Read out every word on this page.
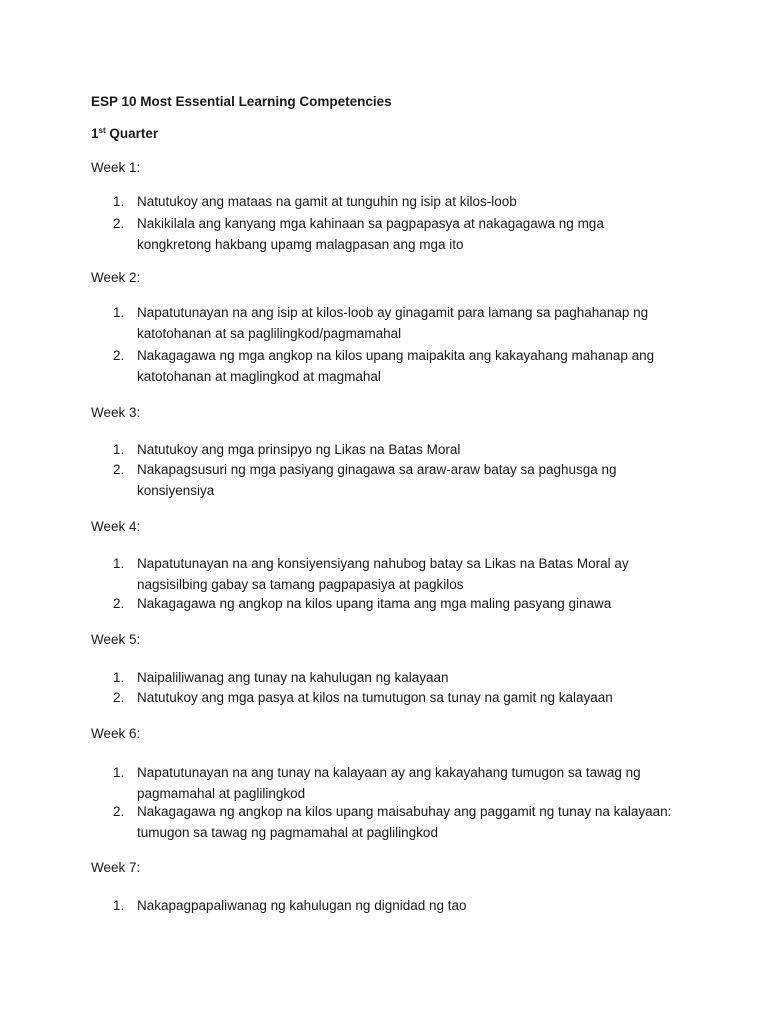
ESP 10 Most Essential Learning Competencies
1st Quarter
Week 1:
1. Natutukoy ang mataas na gamit at tunguhin ng isip at kilos-loob
2. Nakikilala ang kanyang mga kahinaan sa pagpapasya at nakagagawa ng mga kongkretong hakbang upamg malagpasan ang mga ito
Week 2:
1. Napatutunayan na ang isip at kilos-loob ay ginagamit para lamang sa paghahanap ng katotohanan at sa paglilingkod/pagmamahal
2. Nakagagawa ng mga angkop na kilos upang maipakita ang kakayahang mahanap ang katotohanan at maglingkod at magmahal
Week 3:
1. Natutukoy ang mga prinsipyo ng Likas na Batas Moral
2. Nakapagsusuri ng mga pasiyang ginagawa sa araw-araw batay sa paghusga ng konsiyensiya
Week 4:
1. Napatutunayan na ang konsiyensiyang nahubog batay sa Likas na Batas Moral ay nagsisilbing gabay sa tamang pagpapasiya at pagkilos
2. Nakagagawa ng angkop na kilos upang itama ang mga maling pasyang ginawa
Week 5:
1. Naipaliliwanag ang tunay na kahulugan ng kalayaan
2. Natutukoy ang mga pasya at kilos na tumutugon sa tunay na gamit ng kalayaan
Week 6:
1. Napatutunayan na ang tunay na kalayaan ay ang kakayahang tumugon sa tawag ng pagmamahal at paglilingkod
2. Nakagagawa ng angkop na kilos upang maisabuhay ang paggamit ng tunay na kalayaan: tumugon sa tawag ng pagmamahal at paglilingkod
Week 7:
1. Nakapagpapaliwanag ng kahulugan ng dignidad ng tao
